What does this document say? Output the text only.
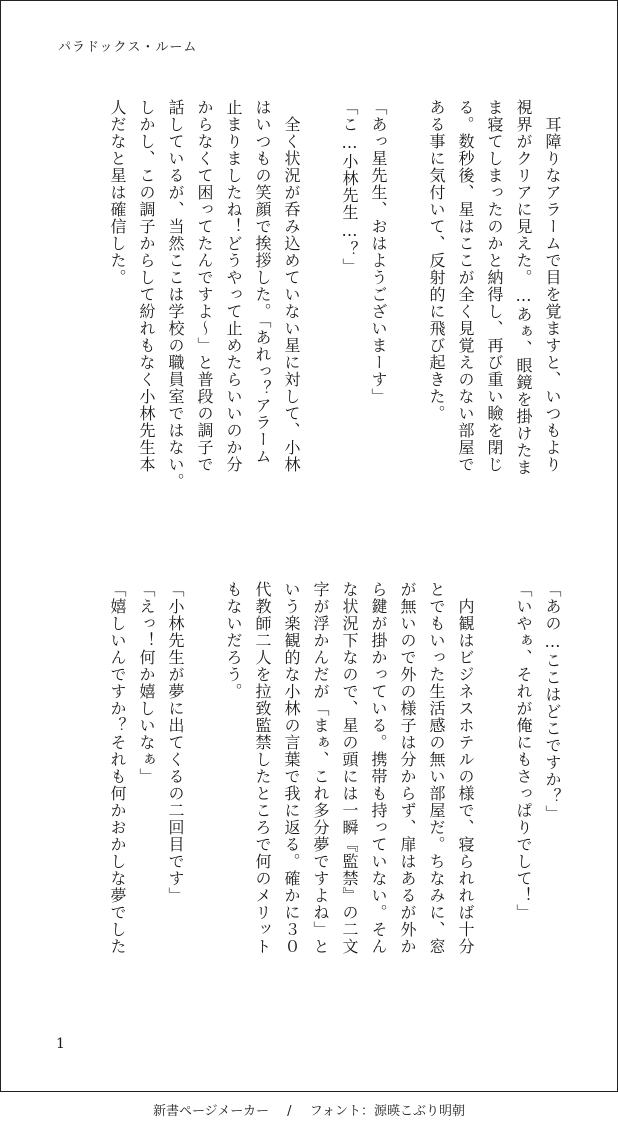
パラドックス・ルーム
　耳障りなアラームで目を覚ますと、いつもより
視界がクリアに見えた。…あぁ、眼鏡を掛けたま
ま寝てしまったのかと納得し、再び重い瞼を閉じ
る。数秒後、星はここが全く見覚えのない部屋で
ある事に気付いて、反射的に飛び起きた。
「あっ星先生、おはようございまーす」
「こ…小林先生…？」
　全く状況が呑み込めていない星に対して、小林
はいつもの笑顔で挨拶した。「あれっ？アラーム
止まりましたね！どうやって止めたらいいのか分
からなくて困ってたんですよ～」と普段の調子で
話しているが、当然ここは学校の職員室ではない。
しかし、この調子からして紛れもなく小林先生本
人だなと星は確信した。
「あの…ここはどこですか？」
「いやぁ、それが俺にもさっぱりでして！」
　内観はビジネスホテルの様で、寝られれば十分
とでもいった生活感の無い部屋だ。ちなみに、窓
が無いので外の様子は分からず、扉はあるが外か
ら鍵が掛かっている。携帯も持っていない。そん
な状況下なので、星の頭には一瞬『監禁』の二文
字が浮かんだが「まぁ、これ多分夢ですよね」と
いう楽観的な小林の言葉で我に返る。確かに３０
代教師二人を拉致監禁したところで何のメリット
もないだろう。
「小林先生が夢に出てくるの二回目です」
「えっ！何か嬉しいなぁ」
「嬉しいんですか？それも何かおかしな夢でした
1
新書ページメーカー / フォント：源暎こぶり明朝
